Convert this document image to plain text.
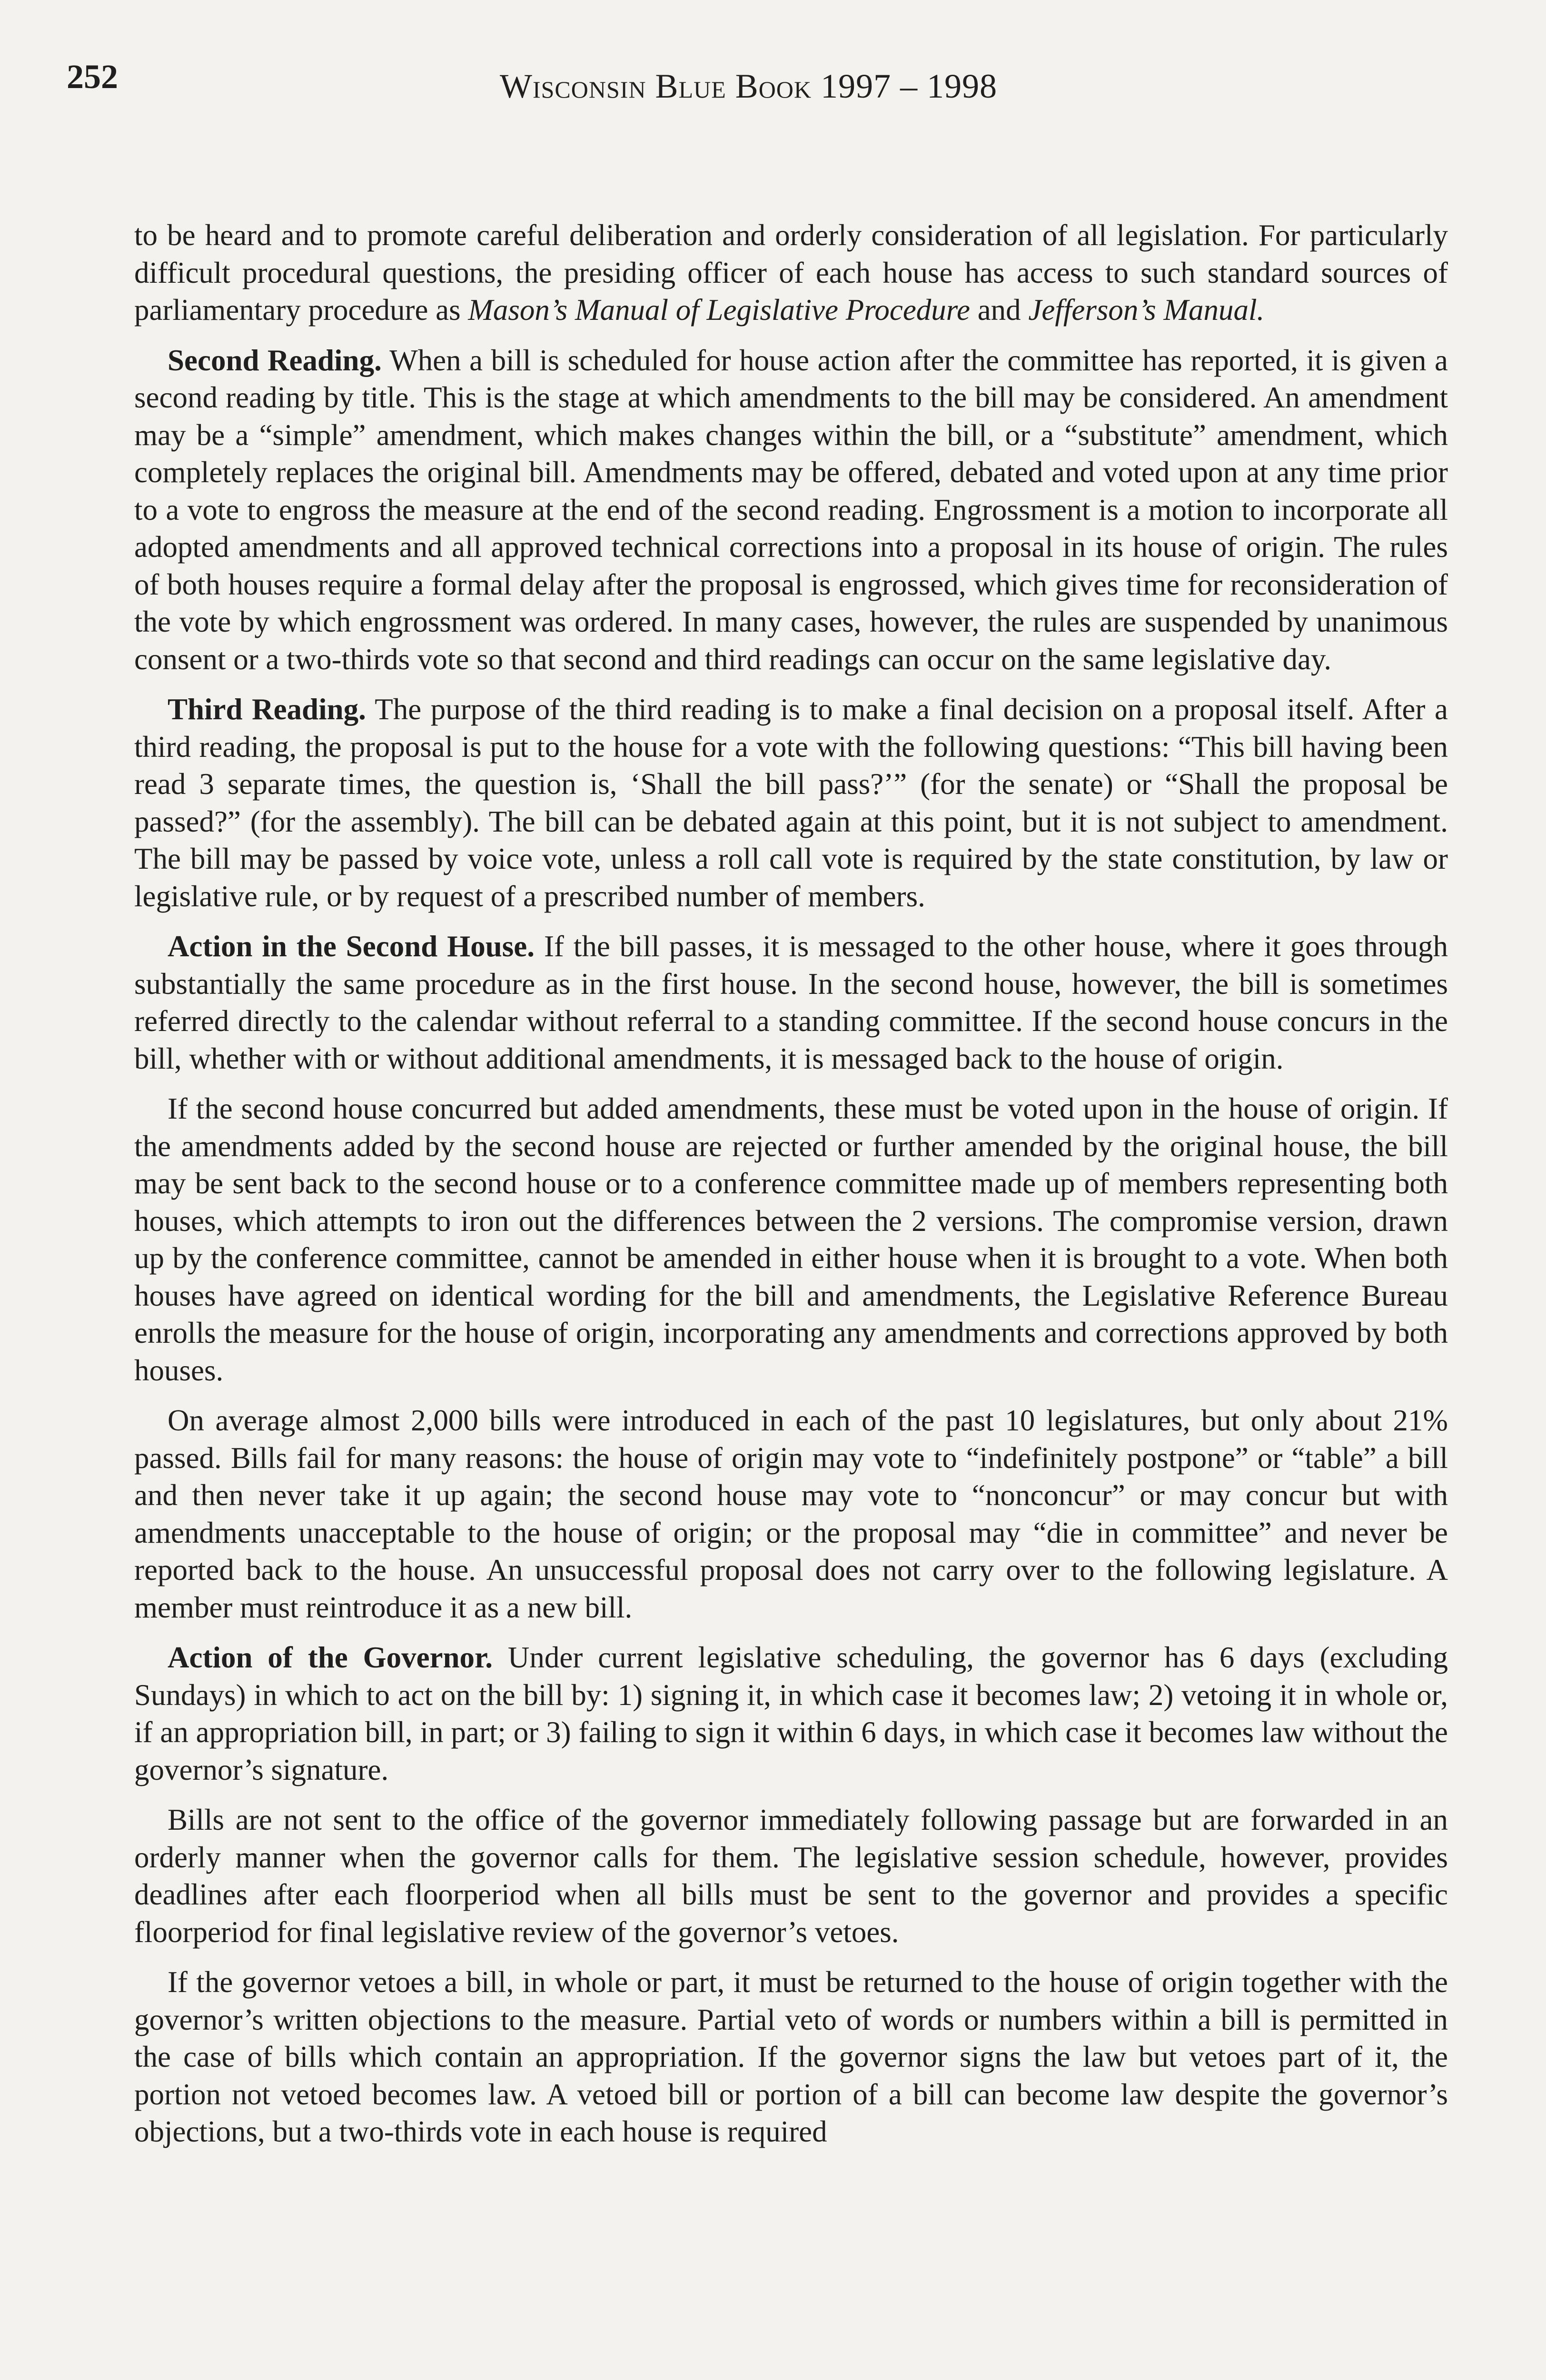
252	Wisconsin Blue Book 1997 – 1998

to be heard and to promote careful deliberation and orderly consideration of all legislation. For particularly difficult procedural questions, the presiding officer of each house has access to such standard sources of parliamentary procedure as Mason’s Manual of Legislative Procedure and Jefferson’s Manual.

Second Reading. When a bill is scheduled for house action after the committee has reported, it is given a second reading by title. This is the stage at which amendments to the bill may be considered. An amendment may be a “simple” amendment, which makes changes within the bill, or a “substitute” amendment, which completely replaces the original bill. Amendments may be offered, debated and voted upon at any time prior to a vote to engross the measure at the end of the second reading. Engrossment is a motion to incorporate all adopted amendments and all approved technical corrections into a proposal in its house of origin. The rules of both houses require a formal delay after the proposal is engrossed, which gives time for reconsideration of the vote by which engrossment was ordered. In many cases, however, the rules are suspended by unanimous consent or a two-thirds vote so that second and third readings can occur on the same legislative day.

Third Reading. The purpose of the third reading is to make a final decision on a proposal itself. After a third reading, the proposal is put to the house for a vote with the following questions: “This bill having been read 3 separate times, the question is, ‘Shall the bill pass?’” (for the senate) or “Shall the proposal be passed?” (for the assembly). The bill can be debated again at this point, but it is not subject to amendment. The bill may be passed by voice vote, unless a roll call vote is required by the state constitution, by law or legislative rule, or by request of a prescribed number of members.

Action in the Second House. If the bill passes, it is messaged to the other house, where it goes through substantially the same procedure as in the first house. In the second house, however, the bill is sometimes referred directly to the calendar without referral to a standing committee. If the second house concurs in the bill, whether with or without additional amendments, it is messaged back to the house of origin.

If the second house concurred but added amendments, these must be voted upon in the house of origin. If the amendments added by the second house are rejected or further amended by the original house, the bill may be sent back to the second house or to a conference committee made up of members representing both houses, which attempts to iron out the differences between the 2 versions. The compromise version, drawn up by the conference committee, cannot be amended in either house when it is brought to a vote. When both houses have agreed on identical wording for the bill and amendments, the Legislative Reference Bureau enrolls the measure for the house of origin, incorporating any amendments and corrections approved by both houses.

On average almost 2,000 bills were introduced in each of the past 10 legislatures, but only about 21% passed. Bills fail for many reasons: the house of origin may vote to “indefinitely postpone” or “table” a bill and then never take it up again; the second house may vote to “nonconcur” or may concur but with amendments unacceptable to the house of origin; or the proposal may “die in committee” and never be reported back to the house. An unsuccessful proposal does not carry over to the following legislature. A member must reintroduce it as a new bill.

Action of the Governor. Under current legislative scheduling, the governor has 6 days (excluding Sundays) in which to act on the bill by: 1) signing it, in which case it becomes law; 2) vetoing it in whole or, if an appropriation bill, in part; or 3) failing to sign it within 6 days, in which case it becomes law without the governor’s signature.

Bills are not sent to the office of the governor immediately following passage but are forwarded in an orderly manner when the governor calls for them. The legislative session schedule, however, provides deadlines after each floorperiod when all bills must be sent to the governor and provides a specific floorperiod for final legislative review of the governor’s vetoes.

If the governor vetoes a bill, in whole or part, it must be returned to the house of origin together with the governor’s written objections to the measure. Partial veto of words or numbers within a bill is permitted in the case of bills which contain an appropriation. If the governor signs the law but vetoes part of it, the portion not vetoed becomes law. A vetoed bill or portion of a bill can become law despite the governor’s objections, but a two-thirds vote in each house is required
